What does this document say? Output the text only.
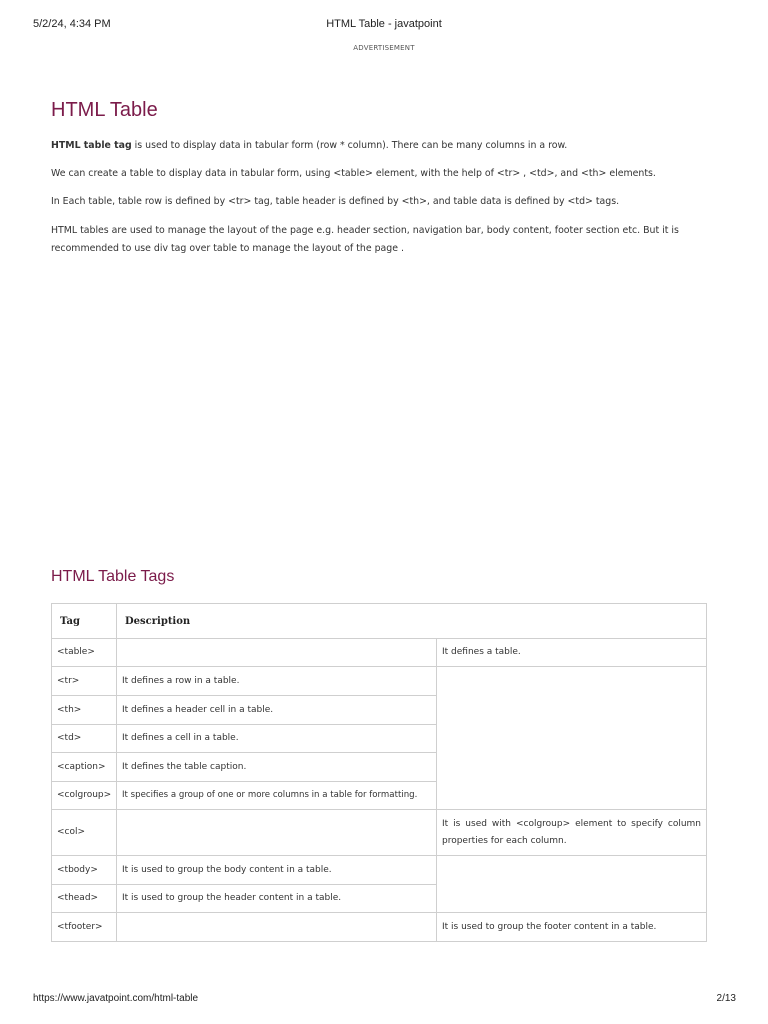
5/2/24, 4:34 PM	HTML Table - javatpoint
ADVERTISEMENT
HTML Table

HTML table tag is used to display data in tabular form (row * column). There can be many columns in a row.

We can create a table to display data in tabular form, using <table> element, with the help of <tr> , <td>, and <th> elements.

In Each table, table row is defined by <tr> tag, table header is defined by <th>, and table data is defined by <td> tags.

HTML tables are used to manage the layout of the page e.g. header section, navigation bar, body content, footer section etc. But it is recommended to use div tag over table to manage the layout of the page .

HTML Table Tags
Tag	Description	
<table>		It defines a table.
<tr>	It defines a row in a table.	
<th>	It defines a header cell in a table.	
<td>	It defines a cell in a table.	
<caption>	It defines the table caption.	
<colgroup>	It specifies a group of one or more columns in a table for formatting.	
<col>		It is used with <colgroup> element to specify column properties for each column.
<tbody>	It is used to group the body content in a table.	
<thead>	It is used to group the header content in a table.	
<tfooter>		It is used to group the footer content in a table.
https://www.javatpoint.com/html-table	2/13
